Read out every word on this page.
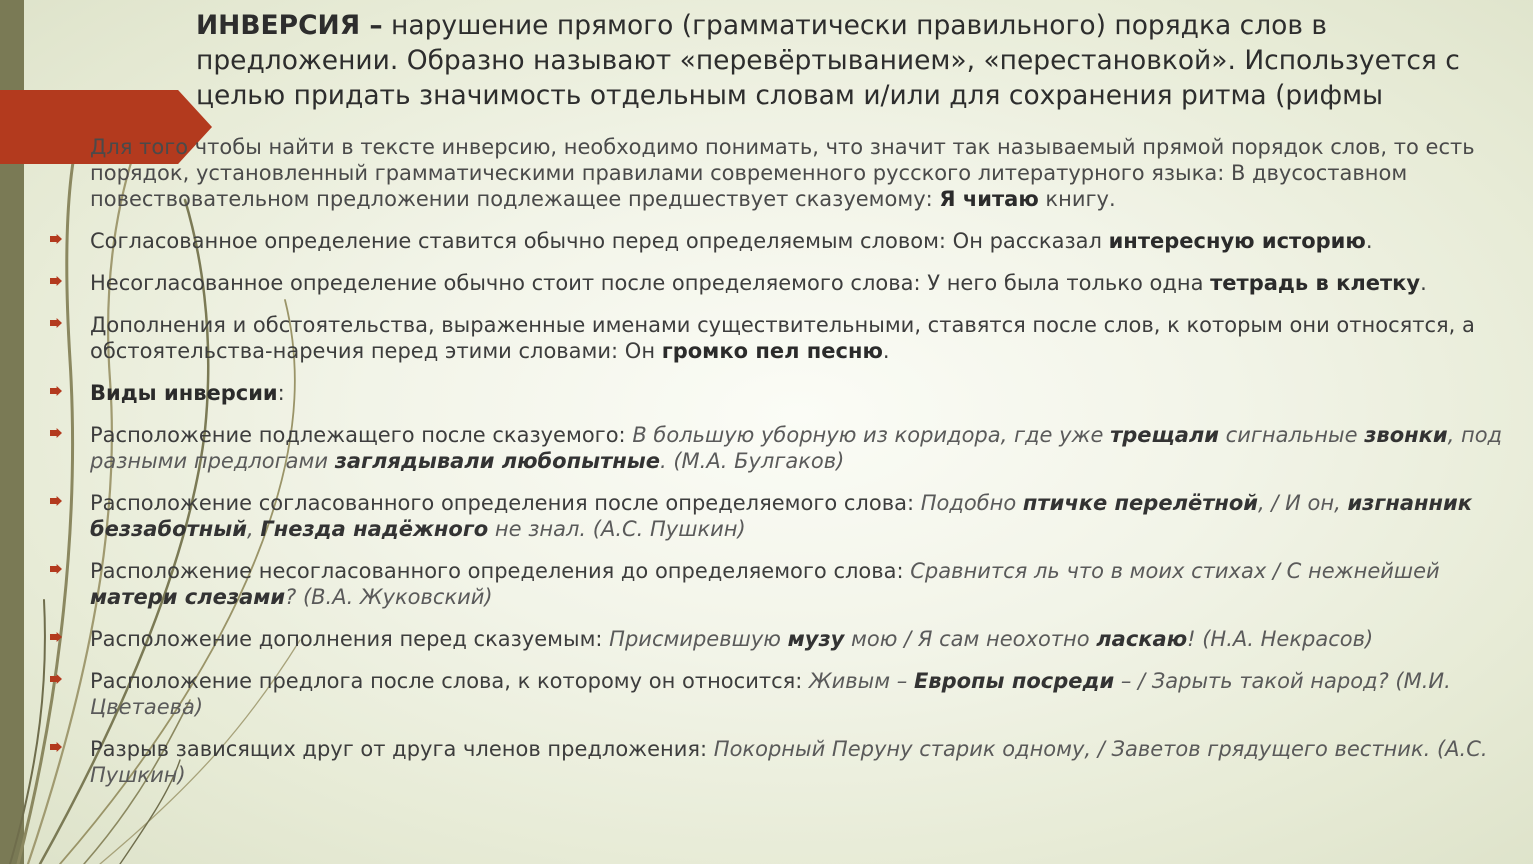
ИНВЕРСИЯ – нарушение прямого (грамматически правильного) порядка слов в предложении. Образно называют «перевёртыванием», «перестановкой». Используется с целью придать значимость отдельным словам и/или для сохранения ритма (рифмы
Для того чтобы найти в тексте инверсию, необходимо понимать, что значит так называемый прямой порядок слов, то есть порядок, установленный грамматическими правилами современного русского литературного языка: В двусоставном повествовательном предложении подлежащее предшествует сказуемому: Я читаю книгу.
Согласованное определение ставится обычно перед определяемым словом: Он рассказал интересную историю.
Несогласованное определение обычно стоит после определяемого слова: У него была только одна тетрадь в клетку.
Дополнения и обстоятельства, выраженные именами существительными, ставятся после слов, к которым они относятся, а обстоятельства-наречия перед этими словами: Он громко пел песню.
Виды инверсии:
Расположение подлежащего после сказуемого: В большую уборную из коридора, где уже трещали сигнальные звонки, под разными предлогами заглядывали любопытные. (М.А. Булгаков)
Расположение согласованного определения после определяемого слова: Подобно птичке перелётной, / И он, изгнанник беззаботный, Гнезда надёжного не знал. (А.С. Пушкин)
Расположение несогласованного определения до определяемого слова: Сравнится ль что в моих стихах / С нежнейшей матери слезами? (В.А. Жуковский)
Расположение дополнения перед сказуемым: Присмиревшую музу мою / Я сам неохотно ласкаю! (Н.А. Некрасов)
Расположение предлога после слова, к которому он относится: Живым – Европы посреди – / Зарыть такой народ? (М.И. Цветаева)
Разрыв зависящих друг от друга членов предложения: Покорный Перуну старик одному, / Заветов грядущего вестник. (А.С. Пушкин)
